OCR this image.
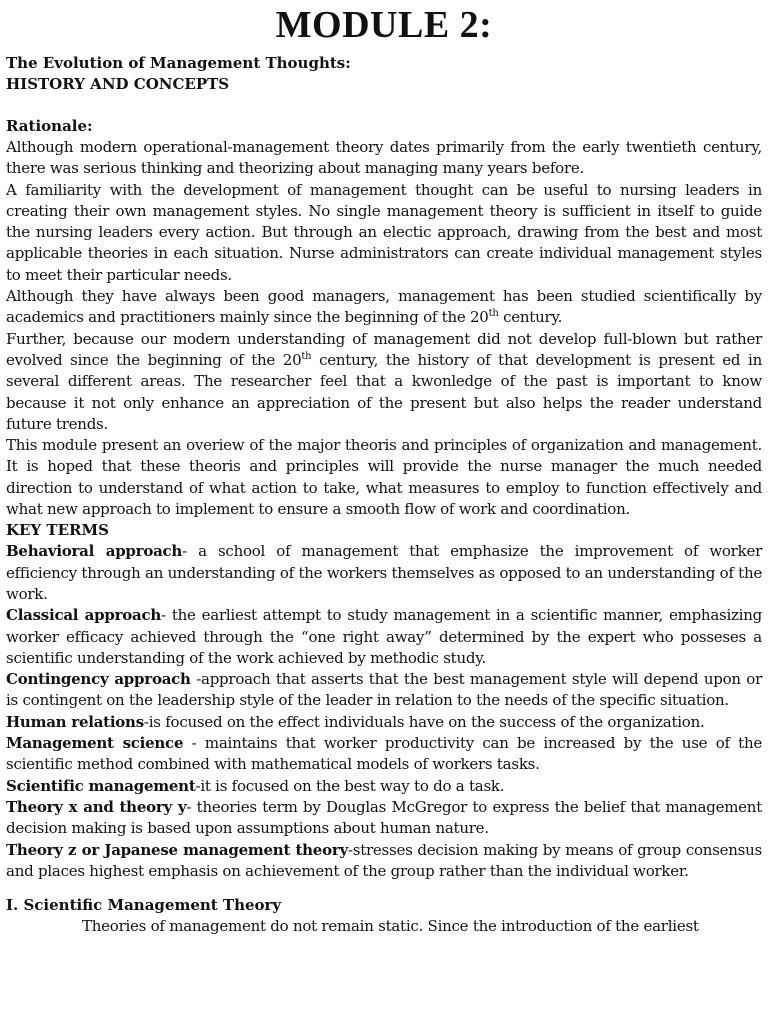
MODULE 2:

The Evolution of Management Thoughts:

HISTORY AND CONCEPTS

Rationale:

Although modern operational-management theory dates primarily from the early twentieth century, there was serious thinking and theorizing about managing many years before.

A familiarity with the development of management thought can be useful to nursing leaders in creating their own management styles. No single management theory is sufficient in itself to guide the nursing leaders every action. But through an electic approach, drawing from the best and most applicable theories in each situation. Nurse administrators can create individual management styles to meet their particular needs.

Although they have always been good managers, management has been studied scientifically by academics and practitioners mainly since the beginning of the 20th century.

Further, because our modern understanding of management did not develop full-blown but rather evolved since the beginning of the 20th century, the history of that development is present ed in several different areas. The researcher feel that a kwonledge of the past is important to know because it not only enhance an appreciation of the present but also helps the reader understand future trends.

This module present an overiew of the major theoris and principles of organization and management. It is hoped that these theoris and principles will provide the nurse manager the much needed direction to understand of what action to take, what measures to employ to function effectively and what new approach to implement to ensure a smooth flow of work and coordination.

KEY TERMS

Behavioral approach- a school of management that emphasize the improvement of worker efficiency through an understanding of the workers themselves as opposed to an understanding of the work.

Classical approach- the earliest attempt to study management in a scientific manner, emphasizing worker efficacy achieved through the “one right away” determined by the expert who posseses a scientific understanding of the work achieved by methodic study.

Contingency approach -approach that asserts that the best management style will depend upon or is contingent on the leadership style of the leader in relation to the needs of the specific situation.

Human relations-is focused on the effect individuals have on the success of the organization.

Management science - maintains that worker productivity can be increased by the use of the scientific method combined with mathematical models of workers tasks.

Scientific management-it is focused on the best way to do a task.

Theory x and theory y- theories term by Douglas McGregor to express the belief that management decision making is based upon assumptions about human nature.

Theory z or Japanese management theory-stresses decision making by means of group consensus and places highest emphasis on achievement of the group rather than the individual worker.

I. Scientific Management Theory

Theories of management do not remain static. Since the introduction of the earliest
